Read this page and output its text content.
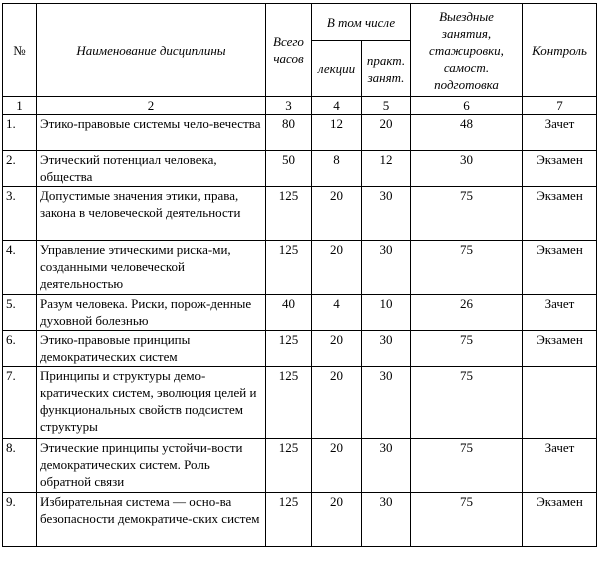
№	Наименование дисциплины	Всего часов	В том числе		Выездные занятия, стажировки, самост. подготовка	Контроль
			лекции	практ. занят.		
1	2	3	4	5	6	7
1.	Этико-правовые системы чело-вечества	80	12	20	48	Зачет
2.	Этический потенциал человека, общества	50	8	12	30	Экзамен
3.	Допустимые значения этики, права, закона в человеческой деятельности	125	20	30	75	Экзамен
4.	Управление этическими риска-ми, созданными человеческой деятельностью	125	20	30	75	Экзамен
5.	Разум человека. Риски, порож-денные духовной болезнью	40	4	10	26	Зачет
6.	Этико-правовые принципы демократических систем	125	20	30	75	Экзамен
7.	Принципы и структуры демо-кратических систем, эволюция целей и функциональных свойств подсистем структуры	125	20	30	75	
8.	Этические принципы устойчи-вости демократических систем. Роль обратной связи	125	20	30	75	Зачет
9.	Избирательная система — осно-ва безопасности демократиче-ских систем	125	20	30	75	Экзамен
